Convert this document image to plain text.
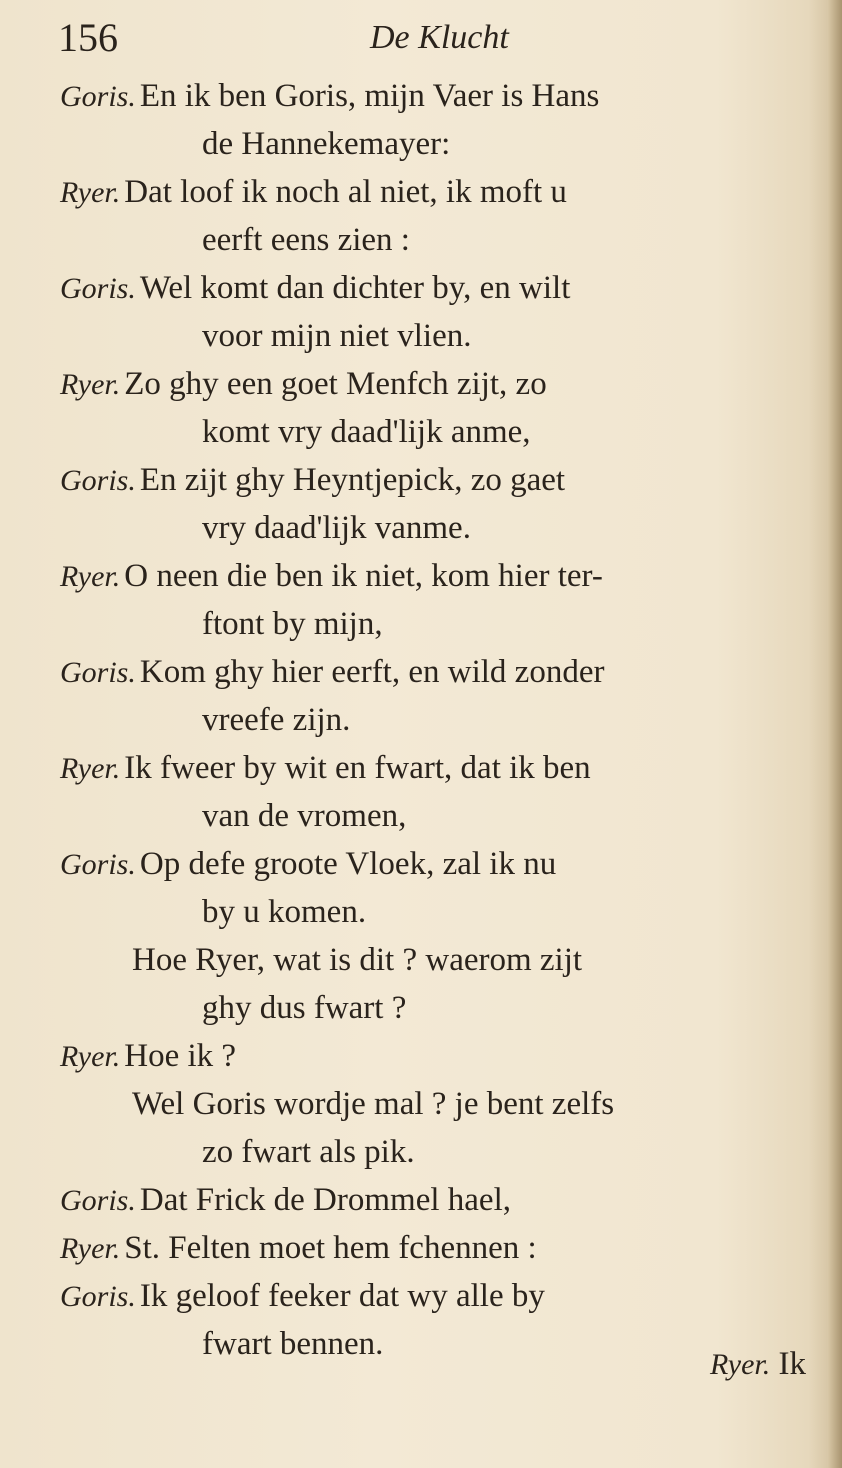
156	De Klucht
Goris. En ik ben Goris, mijn Vaer is Hans
de Hannekemayer:
Ryer. Dat loof ik noch al niet, ik moft u
eerft eens zien :
Goris. Wel komt dan dichter by, en wilt
voor mijn niet vlien.
Ryer. Zo ghy een goet Menfch zijt, zo
komt vry daad'lijk anme,
Goris. En zijt ghy Heyntjepick, zo gaet
vry daad'lijk vanme.
Ryer. O neen die ben ik niet, kom hier ter-
ftont by mijn,
Goris. Kom ghy hier eerft, en wild zonder
vreefe zijn.
Ryer. Ik fweer by wit en fwart, dat ik ben
van de vromen,
Goris. Op defe groote Vloek, zal ik nu
by u komen.
Hoe Ryer, wat is dit ? waerom zijt
ghy dus fwart ?
Ryer. Hoe ik ?
Wel Goris wordje mal ? je bent zelfs
zo fwart als pik.
Goris. Dat Frick de Drommel hael,
Ryer. St. Felten moet hem fchennen :
Goris. Ik geloof feeker dat wy alle by
fwart bennen.
Ryer. Ik
